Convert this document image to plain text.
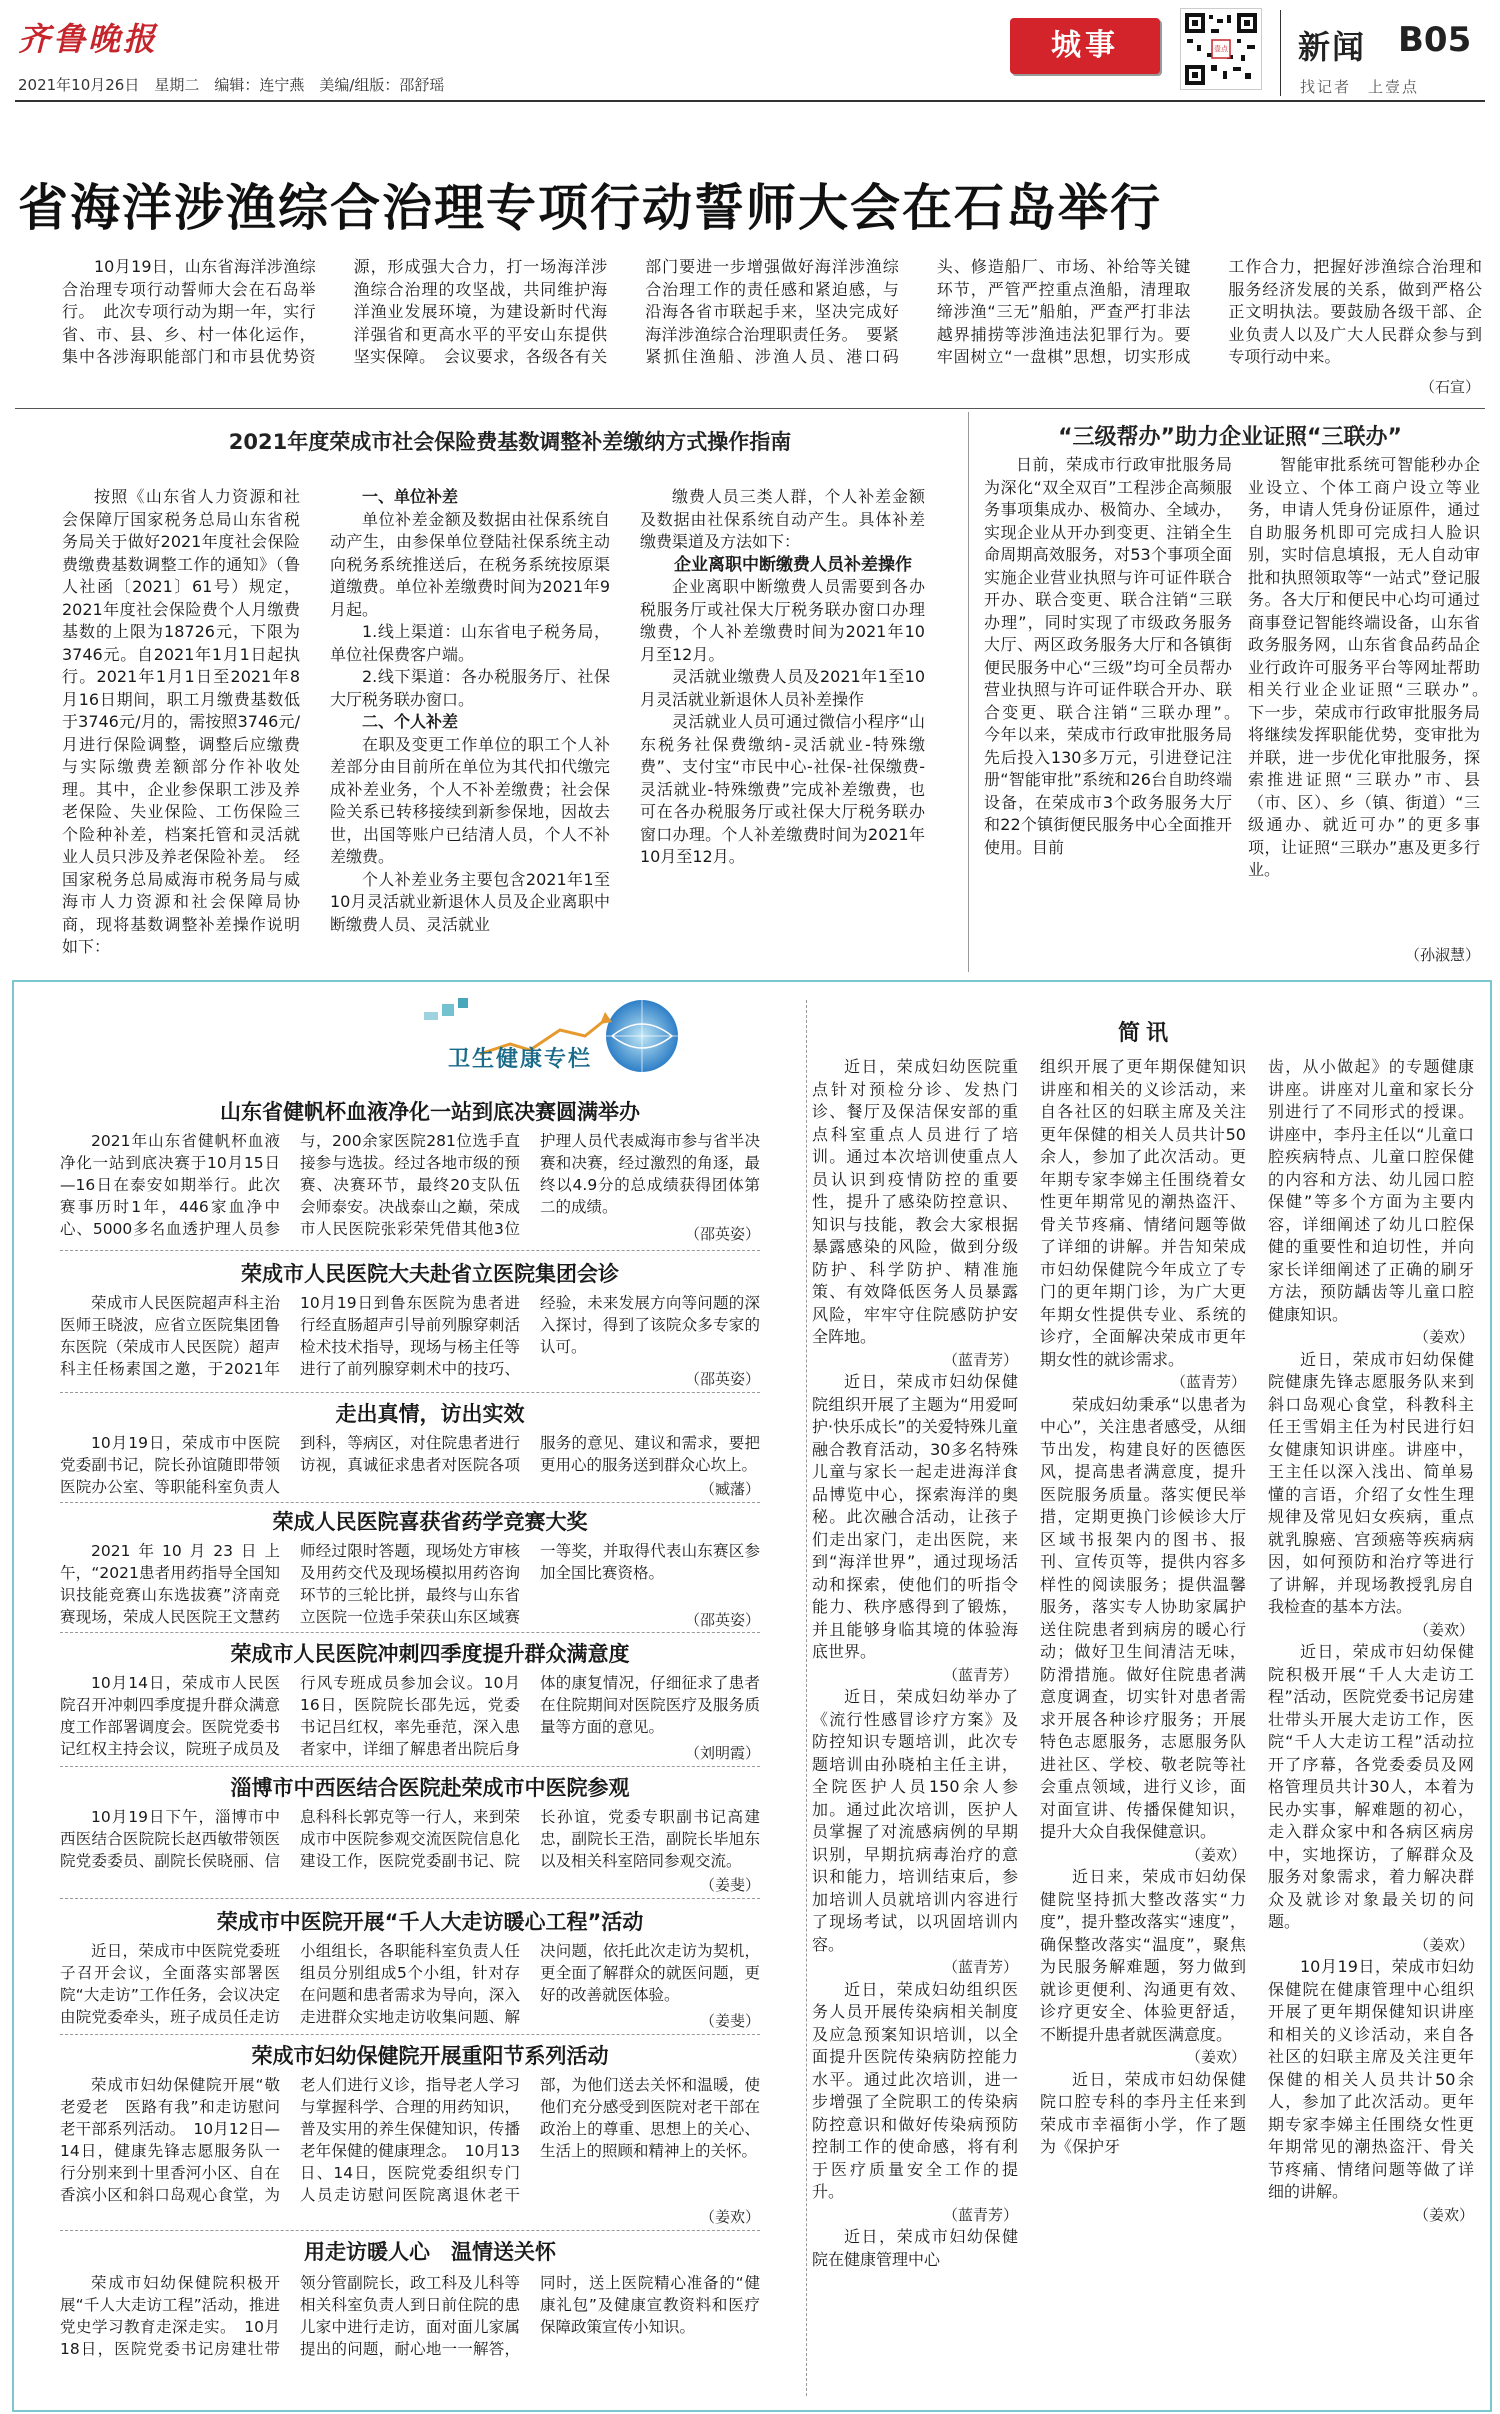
齐鲁晚报
2021年10月26日　星期二　编辑：连宁燕　美编/组版：邵舒瑶
城事	壹点 新闻 B05
找记者　上壹点
省海洋涉渔综合治理专项行动誓师大会在石岛举行

10月19日，山东省海洋涉渔综合治理专项行动誓师大会在石岛举行。　此次专项行动为期一年，实行省、市、县、乡、村一体化运作，集中各涉海职能部门和市县优势资源，形成强大合力，打一场海洋涉渔综合治理的攻坚战，共同维护海洋渔业发展环境，为建设新时代海洋强省和更高水平的平安山东提供坚实保障。　会议要求，各级各有关部门要进一步增强做好海洋涉渔综合治理工作的责任感和紧迫感，与沿海各省市联起手来，坚决完成好海洋涉渔综合治理职责任务。　要紧紧抓住渔船、涉渔人员、港口码头、修造船厂、市场、补给等关键环节，严管严控重点渔船，清理取缔涉渔“三无”船舶，严查严打非法越界捕捞等涉渔违法犯罪行为。要牢固树立“一盘棋”思想，切实形成工作合力，把握好涉渔综合治理和服务经济发展的关系，做到严格公正文明执法。要鼓励各级干部、企业负责人以及广大人民群众参与到专项行动中来。

（石宣）
2021年度荣成市社会保险费基数调整补差缴纳方式操作指南

按照《山东省人力资源和社会保障厅国家税务总局山东省税务局关于做好2021年度社会保险费缴费基数调整工作的通知》（鲁人社函〔2021〕61号）规定，2021年度社会保险费个人月缴费基数的上限为18726元，下限为3746元。自2021年1月1日起执行。2021年1月1日至2021年8月16日期间，职工月缴费基数低于3746元/月的，需按照3746元/月进行保险调整，调整后应缴费与实际缴费差额部分作补收处理。其中，企业参保职工涉及养老保险、失业保险、工伤保险三个险种补差，档案托管和灵活就业人员只涉及养老保险补差。　经国家税务总局威海市税务局与威海市人力资源和社会保障局协商，现将基数调整补差操作说明如下：

一、单位补差

单位补差金额及数据由社保系统自动产生，由参保单位登陆社保系统主动向税务系统推送后，在税务系统按原渠道缴费。单位补差缴费时间为2021年9月起。

1.线上渠道：山东省电子税务局，单位社保费客户端。

2.线下渠道：各办税服务厅、社保大厅税务联办窗口。

二、个人补差

在职及变更工作单位的职工个人补差部分由目前所在单位为其代扣代缴完成补差业务，个人不补差缴费；社会保险关系已转移接续到新参保地，因故去世，出国等账户已结清人员，个人不补差缴费。

个人补差业务主要包含2021年1至10月灵活就业新退休人员及企业离职中断缴费人员、灵活就业

缴费人员三类人群，个人补差金额及数据由社保系统自动产生。具体补差缴费渠道及方法如下：

企业离职中断缴费人员补差操作

企业离职中断缴费人员需要到各办税服务厅或社保大厅税务联办窗口办理缴费，个人补差缴费时间为2021年10月至12月。

灵活就业缴费人员及2021年1至10月灵活就业新退休人员补差操作

灵活就业人员可通过微信小程序“山东税务社保费缴纳-灵活就业-特殊缴费”、支付宝“市民中心-社保-社保缴费-灵活就业-特殊缴费”完成补差缴费，也可在各办税服务厅或社保大厅税务联办窗口办理。个人补差缴费时间为2021年10月至12月。

“三级帮办”助力企业证照“三联办”

日前，荣成市行政审批服务局为深化“双全双百”工程涉企高频服务事项集成办、极简办、全域办，实现企业从开办到变更、注销全生命周期高效服务，对53个事项全面实施企业营业执照与许可证件联合开办、联合变更、联合注销“三联办理”，同时实现了市级政务服务大厅、两区政务服务大厅和各镇街便民服务中心“三级”均可全员帮办营业执照与许可证件联合开办、联合变更、联合注销“三联办理”。　今年以来，荣成市行政审批服务局先后投入130多万元，引进登记注册“智能审批”系统和26台自助终端设备，在荣成市3个政务服务大厅和22个镇街便民服务中心全面推开使用。目前

智能审批系统可智能秒办企业设立、个体工商户设立等业务，申请人凭身份证原件，通过自助服务机即可完成扫人脸识别，实时信息填报，无人自动审批和执照领取等“一站式”登记服务。各大厅和便民中心均可通过商事登记智能终端设备，山东省政务服务网，山东省食品药品企业行政许可服务平台等网址帮助相关行业企业证照“三联办”。　下一步，荣成市行政审批服务局将继续发挥职能优势，变审批为并联，进一步优化审批服务，探索推进证照“三联办”市、县（市、区）、乡（镇、街道）“三级通办、就近可办”的更多事项，让证照“三联办”惠及更多行业。

（孙淑慧）
卫生健康专栏
山东省健帆杯血液净化一站到底决赛圆满举办

2021年山东省健帆杯血液净化一站到底决赛于10月15日—16日在泰安如期举行。此次赛事历时1年，446家血净中心、5000多名血透护理人员参与，200余家医院281位选手直接参与选拔。经过各地市级的预赛、决赛环节，最终20支队伍会师泰安。决战泰山之巅，荣成市人民医院张彩荣凭借其他3位护理人员代表威海市参与省半决赛和决赛，经过激烈的角逐，最终以4.9分的总成绩获得团体第二的成绩。

（邵英姿）
荣成市人民医院大夫赴省立医院集团会诊

荣成市人民医院超声科主治医师王晓波，应省立医院集团鲁东医院（荣成市人民医院）超声科主任杨素国之邀，于2021年10月19日到鲁东医院为患者进行经直肠超声引导前列腺穿刺活检术技术指导，现场与杨主任等进行了前列腺穿刺术中的技巧、经验，未来发展方向等问题的深入探讨，得到了该院众多专家的认可。

（邵英姿）
走出真情，访出实效

10月19日，荣成市中医院党委副书记，院长孙谊随即带领医院办公室、等职能科室负责人到科，等病区，对住院患者进行访视，真诚征求患者对医院各项服务的意见、建议和需求，要把更用心的服务送到群众心坎上。

（臧藩）
荣成人民医院喜获省药学竞赛大奖

2021年10月23日上午，“2021患者用药指导全国知识技能竞赛山东选拔赛”济南竞赛现场，荣成人民医院王文慧药师经过限时答题，现场处方审核及用药交代及现场模拟用药咨询环节的三轮比拼，最终与山东省立医院一位选手荣获山东区域赛一等奖，并取得代表山东赛区参加全国比赛资格。

（邵英姿）
荣成市人民医院冲刺四季度提升群众满意度

10月14日，荣成市人民医院召开冲刺四季度提升群众满意度工作部署调度会。医院党委书记红权主持会议，院班子成员及行风专班成员参加会议。10月16日，医院院长邵先远，党委书记吕红权，率先垂范，深入患者家中，详细了解患者出院后身体的康复情况，仔细征求了患者在住院期间对医院医疗及服务质量等方面的意见。

（刘明霞）
淄博市中西医结合医院赴荣成市中医院参观

10月19日下午，淄博市中西医结合医院院长赵西敏带领医院党委委员、副院长侯晓丽、信息科科长郭克等一行人，来到荣成市中医院参观交流医院信息化建设工作，医院党委副书记、院长孙谊，党委专职副书记高建忠，副院长王浩，副院长毕旭东以及相关科室陪同参观交流。

（姜斐）
荣成市中医院开展“千人大走访暖心工程”活动

近日，荣成市中医院党委班子召开会议，全面落实部署医院“大走访”工作任务，会议决定由院党委牵头，班子成员任走访小组组长，各职能科室负责人任组员分别组成5个小组，针对存在问题和患者需求为导向，深入走进群众实地走访收集问题、解决问题，依托此次走访为契机，更全面了解群众的就医问题，更好的改善就医体验。

（姜斐）
荣成市妇幼保健院开展重阳节系列活动

荣成市妇幼保健院开展“敬老爱老　医路有我”和走访慰问老干部系列活动。　10月12日—14日，健康先锋志愿服务队一行分别来到十里香河小区、自在香滨小区和斜口岛观心食堂，为老人们进行义诊，指导老人学习与掌握科学、合理的用药知识，普及实用的养生保健知识，传播老年保健的健康理念。　10月13日、14日，医院党委组织专门人员走访慰问医院离退休老干部，为他们送去关怀和温暖，使他们充分感受到医院对老干部在政治上的尊重、思想上的关心、生活上的照顾和精神上的关怀。

（姜欢）
用走访暖人心　温情送关怀

荣成市妇幼保健院积极开展“千人大走访工程”活动，推进党史学习教育走深走实。　10月18日，医院党委书记房建壮带领分管副院长，政工科及儿科等相关科室负责人到日前住院的患儿家中进行走访，面对面儿家属提出的问题，耐心地一一解答，同时，送上医院精心准备的“健康礼包”及健康宣教资料和医疗保障政策宣传小知识。

简讯

近日，荣成妇幼医院重点针对预检分诊、发热门诊、餐厅及保洁保安部的重点科室重点人员进行了培训。通过本次培训使重点人员认识到疫情防控的重要性，提升了感染防控意识、知识与技能，教会大家根据暴露感染的风险，做到分级防护、科学防护、精准施策、有效降低医务人员暴露风险，牢牢守住院感防护安全阵地。

（蓝青芳）

近日，荣成市妇幼保健院组织开展了主题为“用爱呵护·快乐成长”的关爱特殊儿童融合教育活动，30多名特殊儿童与家长一起走进海洋食品博览中心，探索海洋的奥秘。此次融合活动，让孩子们走出家门，走出医院，来到“海洋世界”，通过现场活动和探索，使他们的听指令能力、秩序感得到了锻炼，并且能够身临其境的体验海底世界。

（蓝青芳）

近日，荣成妇幼举办了《流行性感冒诊疗方案》及防控知识专题培训，此次专题培训由孙晓柏主任主讲，全院医护人员150余人参加。通过此次培训，医护人员掌握了对流感病例的早期识别，早期抗病毒治疗的意识和能力，培训结束后，参加培训人员就培训内容进行了现场考试，以巩固培训内容。

（蓝青芳）

近日，荣成妇幼组织医务人员开展传染病相关制度及应急预案知识培训，以全面提升医院传染病防控能力水平。通过此次培训，进一步增强了全院职工的传染病防控意识和做好传染病预防控制工作的使命感，将有利于医疗质量安全工作的提升。

（蓝青芳）

近日，荣成市妇幼保健院在健康管理中心

组织开展了更年期保健知识讲座和相关的义诊活动，来自各社区的妇联主席及关注更年保健的相关人员共计50余人，参加了此次活动。更年期专家李娣主任围绕着女性更年期常见的潮热盗汗、骨关节疼痛、情绪问题等做了详细的讲解。并告知荣成市妇幼保健院今年成立了专门的更年期门诊，为广大更年期女性提供专业、系统的诊疗，全面解决荣成市更年期女性的就诊需求。

（蓝青芳）

荣成妇幼秉承“以患者为中心”，关注患者感受，从细节出发，构建良好的医德医风，提高患者满意度，提升医院服务质量。落实便民举措，定期更换门诊候诊大厅区域书报架内的图书、报刊、宣传页等，提供内容多样性的阅读服务；提供温馨服务，落实专人协助家属护送住院患者到病房的暖心行动；做好卫生间清洁无味，防滑措施。做好住院患者满意度调查，切实针对患者需求开展各种诊疗服务；开展特色志愿服务，志愿服务队进社区、学校、敬老院等社会重点领域，进行义诊，面对面宣讲、传播保健知识，提升大众自我保健意识。

（姜欢）

近日来，荣成市妇幼保健院坚持抓大整改落实“力度”，提升整改落实“速度”，确保整改落实“温度”，聚焦为民服务解难题，努力做到就诊更便利、沟通更有效、诊疗更安全、体验更舒适，不断提升患者就医满意度。

（姜欢）

近日，荣成市妇幼保健院口腔专科的李丹主任来到荣成市幸福街小学，作了题为《保护牙

齿，从小做起》的专题健康讲座。讲座对儿童和家长分别进行了不同形式的授课。讲座中，李丹主任以“儿童口腔疾病特点、儿童口腔保健的内容和方法、幼儿园口腔保健”等多个方面为主要内容，详细阐述了幼儿口腔保健的重要性和迫切性，并向家长详细阐述了正确的刷牙方法，预防龋齿等儿童口腔健康知识。

（姜欢）

近日，荣成市妇幼保健院健康先锋志愿服务队来到斜口岛观心食堂，科教科主任王雪娟主任为村民进行妇女健康知识讲座。讲座中，王主任以深入浅出、简单易懂的言语，介绍了女性生理规律及常见妇女疾病，重点就乳腺癌、宫颈癌等疾病病因，如何预防和治疗等进行了讲解，并现场教授乳房自我检查的基本方法。

（姜欢）

近日，荣成市妇幼保健院积极开展“千人大走访工程”活动，医院党委书记房建壮带头开展大走访工作，医院“千人大走访工程”活动拉开了序幕，各党委委员及网格管理员共计30人，本着为民办实事，解难题的初心，走入群众家中和各病区病房中，实地探访，了解群众及服务对象需求，着力解决群众及就诊对象最关切的问题。

（姜欢）

10月19日，荣成市妇幼保健院在健康管理中心组织开展了更年期保健知识讲座和相关的义诊活动，来自各社区的妇联主席及关注更年保健的相关人员共计50余人，参加了此次活动。更年期专家李娣主任围绕女性更年期常见的潮热盗汗、骨关节疼痛、情绪问题等做了详细的讲解。

（姜欢）
